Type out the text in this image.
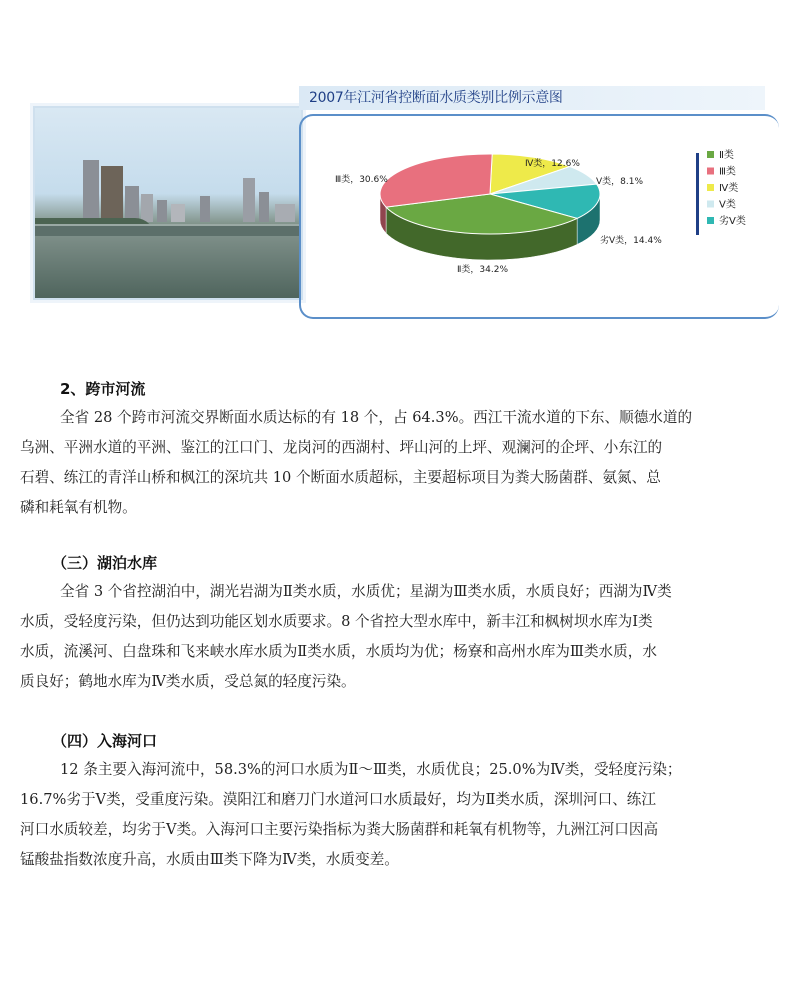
2007年江河省控断面水质类别比例示意图
Ⅲ类，30.6%
Ⅳ类，12.6%
Ⅴ类，8.1%
劣Ⅴ类，14.4%
Ⅱ类，34.2%
Ⅱ类
Ⅲ类
Ⅳ类
Ⅴ类
劣Ⅴ类
2、跨市河流

全省 28 个跨市河流交界断面水质达标的有 18 个，占 64.3%。西江干流水道的下东、顺德水道的

乌洲、平洲水道的平洲、鉴江的江口门、龙岗河的西湖村、坪山河的上坪、观澜河的企坪、小东江的

石碧、练江的青洋山桥和枫江的深坑共 10 个断面水质超标，主要超标项目为粪大肠菌群、氨氮、总

磷和耗氧有机物。

（三）湖泊水库

全省 3 个省控湖泊中，湖光岩湖为Ⅱ类水质，水质优；星湖为Ⅲ类水质，水质良好；西湖为Ⅳ类

水质，受轻度污染，但仍达到功能区划水质要求。8 个省控大型水库中，新丰江和枫树坝水库为Ⅰ类

水质，流溪河、白盘珠和飞来峡水库水质为Ⅱ类水质，水质均为优；杨寮和高州水库为Ⅲ类水质，水

质良好；鹤地水库为Ⅳ类水质，受总氮的轻度污染。

（四）入海河口

12 条主要入海河流中，58.3%的河口水质为Ⅱ～Ⅲ类，水质优良；25.0%为Ⅳ类，受轻度污染；

16.7%劣于Ⅴ类，受重度污染。漠阳江和磨刀门水道河口水质最好，均为Ⅱ类水质，深圳河口、练江

河口水质较差，均劣于Ⅴ类。入海河口主要污染指标为粪大肠菌群和耗氧有机物等，九洲江河口因高

锰酸盐指数浓度升高，水质由Ⅲ类下降为Ⅳ类，水质变差。
